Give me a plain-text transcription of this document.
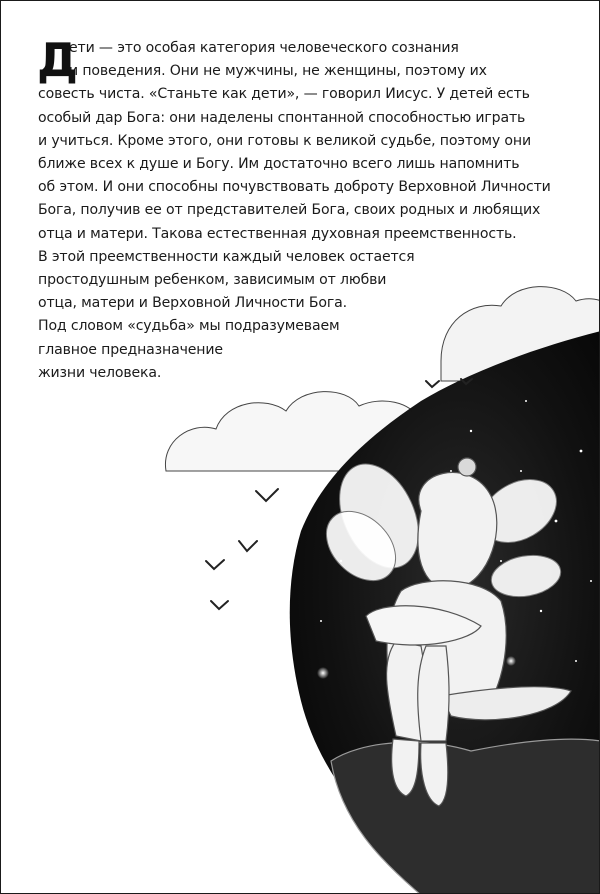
Д
ети — это особая категория человеческого сознания
и поведения. Они не мужчины, не женщины, поэтому их
совесть чиста. «Станьте как дети», — говорил Иисус. У детей есть
особый дар Бога: они наделены спонтанной способностью играть
и учиться. Кроме этого, они готовы к великой судьбе, поэтому они
ближе всех к душе и Богу. Им достаточно всего лишь напомнить
об этом. И они способны почувствовать доброту Верховной Личности
Бога, получив ее от представителей Бога, своих родных и любящих
отца и матери. Такова естественная духовная преемственность.
В этой преемственности каждый человек остается
простодушным ребенком, зависимым от любви
отца, матери и Верховной Личности Бога.
Под словом «судьба» мы подразумеваем
главное предназначение
жизни человека.
